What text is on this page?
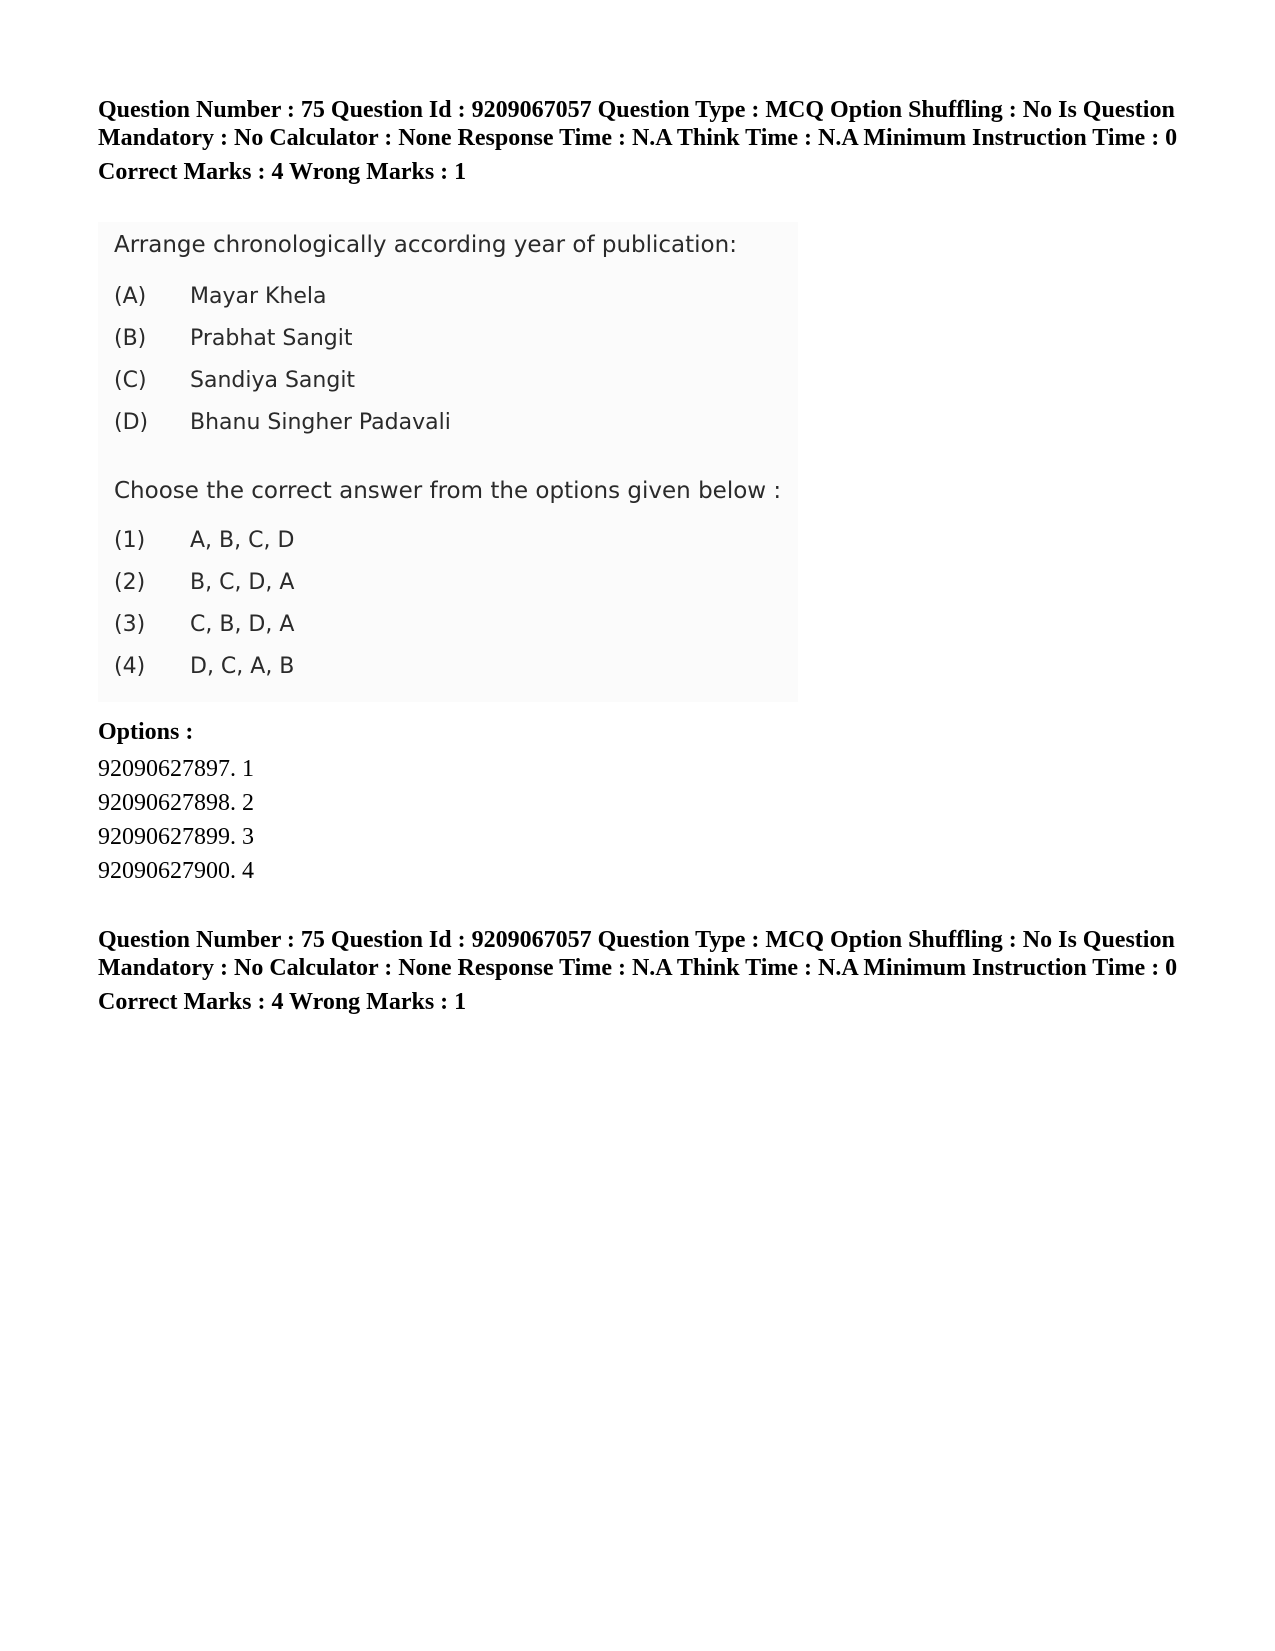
Question Number : 75 Question Id : 9209067057 Question Type : MCQ Option Shuffling : No Is Question Mandatory : No Calculator : None Response Time : N.A Think Time : N.A Minimum Instruction Time : 0
Correct Marks : 4 Wrong Marks : 1
Arrange chronologically according year of publication:
(A) Mayar Khela
(B) Prabhat Sangit
(C) Sandiya Sangit
(D) Bhanu Singher Padavali
Choose the correct answer from the options given below :
(1) A, B, C, D
(2) B, C, D, A
(3) C, B, D, A
(4) D, C, A, B
Options :
92090627897. 1
92090627898. 2
92090627899. 3
92090627900. 4
Question Number : 75 Question Id : 9209067057 Question Type : MCQ Option Shuffling : No Is Question Mandatory : No Calculator : None Response Time : N.A Think Time : N.A Minimum Instruction Time : 0
Correct Marks : 4 Wrong Marks : 1
